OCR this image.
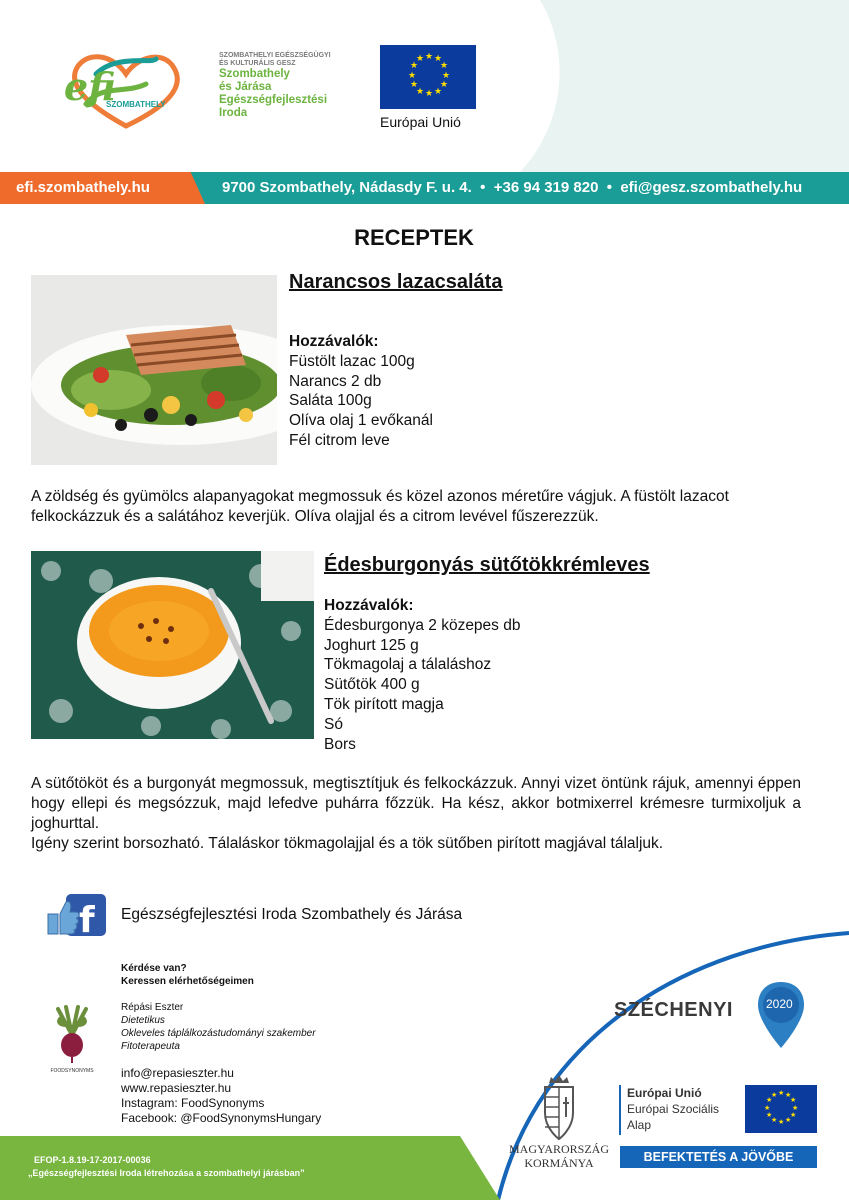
efi
SZOMBATHELY
SZOMBATHELYI EGÉSZSÉGÜGYI
ÉS KULTURÁLIS GESZ
Szombathely
és Járása
Egészségfejlesztési
Iroda
★ ★
★
★
★
★
★
★
★
★
★
★
Európai Unió
efi.szombathely.hu	9700 Szombathely, Nádasdy F. u. 4.  •  +36 94 319 820  •  efi@gesz.szombathely.hu
RECEPTEK
Narancsos lazacsaláta
Hozzávalók:
Füstölt lazac 100g
Narancs 2 db
Saláta 100g
Olíva olaj 1 evőkanál
Fél citrom leve
A zöldség és gyümölcs alapanyagokat megmossuk és közel azonos méretűre vágjuk. A füstölt lazacot felkockázzuk és a salátához keverjük. Olíva olajjal és a citrom levével fűszerezzük.
Édesburgonyás sütőtökkrémleves
Hozzávalók:
Édesburgonya 2 közepes db
Joghurt 125 g
Tökmagolaj a tálaláshoz
Sütőtök 400 g
Tök pirított magja
Só
Bors
A sütőtököt és a burgonyát megmossuk, megtisztítjuk és felkockázzuk. Annyi vizet öntünk rájuk, amennyi éppen hogy ellepi és megsózzuk, majd lefedve puhárra főzzük. Ha kész, akkor botmixerrel krémesre turmixoljuk a joghurttal.
Igény szerint borsozható. Tálaláskor tökmagolajjal és a tök sütőben pirított magjával tálaljuk.
f Egészségfejlesztési Iroda Szombathely és Járása
Kérdése van?
Keressen elérhetőségeimen
FOODSYNONYMS
Répási Eszter
Dietetikus
Okleveles táplálkozástudományi szakember
Fitoterapeuta
info@repasieszter.hu
www.repasieszter.hu
Instagram: FoodSynonyms
Facebook: @FoodSynonymsHungary
SZÉCHENYI	2020
MAGYARORSZÁG
KORMÁNYA
Európai Unió
Európai Szociális
Alap
★ ★
★
★
★
★
★
★
★
★
★
★
BEFEKTETÉS A JÖVŐBE
EFOP-1.8.19-17-2017-00036
„Egészségfejlesztési Iroda létrehozása a szombathelyi járásban”
